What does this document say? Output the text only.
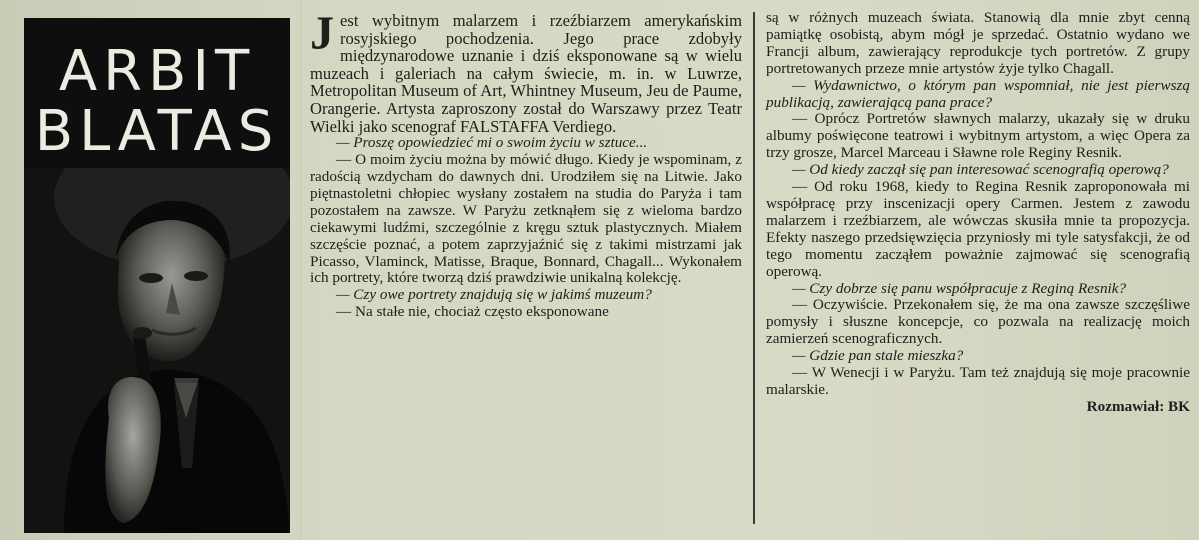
ARBIT
BLATAS

Jest wybitnym malarzem i rzeźbiarzem amerykańskim rosyjskiego pochodzenia. Jego prace zdobyły międzynarodowe uznanie i dziś eksponowane są w wielu muzeach i galeriach na całym świecie, m. in. w Luwrze, Metropolitan Museum of Art, Whintney Museum, Jeu de Paume, Orangerie. Artysta zaproszony został do Warszawy przez Teatr Wielki jako scenograf FALSTAFFA Verdiego.

— Proszę opowiedzieć mi o swoim życiu w sztuce...

— O moim życiu można by mówić długo. Kiedy je wspominam, z radością wzdycham do dawnych dni. Urodziłem się na Litwie. Jako piętnastoletni chłopiec wysłany zostałem na studia do Paryża i tam pozostałem na zawsze. W Paryżu zetknąłem się z wieloma bardzo ciekawymi ludźmi, szczególnie z kręgu sztuk plastycznych. Miałem szczęście poznać, a potem zaprzyjaźnić się z takimi mistrzami jak Picasso, Vlaminck, Matisse, Braque, Bonnard, Chagall... Wykonałem ich portrety, które tworzą dziś prawdziwie unikalną kolekcję.

— Czy owe portrety znajdują się w jakimś muzeum?

— Na stałe nie, chociaż często eksponowane

są w różnych muzeach świata. Stanowią dla mnie zbyt cenną pamiątkę osobistą, abym mógł je sprzedać. Ostatnio wydano we Francji album, zawierający reprodukcje tych portretów. Z grupy portretowanych przeze mnie artystów żyje tylko Chagall.

— Wydawnictwo, o którym pan wspomniał, nie jest pierwszą publikacją, zawierającą pana prace?

— Oprócz Portretów sławnych malarzy, ukazały się w druku albumy poświęcone teatrowi i wybitnym artystom, a więc Opera za trzy grosze, Marcel Marceau i Sławne role Reginy Resnik.

— Od kiedy zaczął się pan interesować scenografią operową?

— Od roku 1968, kiedy to Regina Resnik zaproponowała mi współpracę przy inscenizacji opery Carmen. Jestem z zawodu malarzem i rzeźbiarzem, ale wówczas skusiła mnie ta propozycja. Efekty naszego przedsięwzięcia przyniosły mi tyle satysfakcji, że od tego momentu zacząłem poważnie zajmować się scenografią operową.

— Czy dobrze się panu współpracuje z Reginą Resnik?

— Oczywiście. Przekonałem się, że ma ona zawsze szczęśliwe pomysły i słuszne koncepcje, co pozwala na realizację moich zamierzeń scenograficznych.

— Gdzie pan stale mieszka?

— W Wenecji i w Paryżu. Tam też znajdują się moje pracownie malarskie.

Rozmawiał: BK
